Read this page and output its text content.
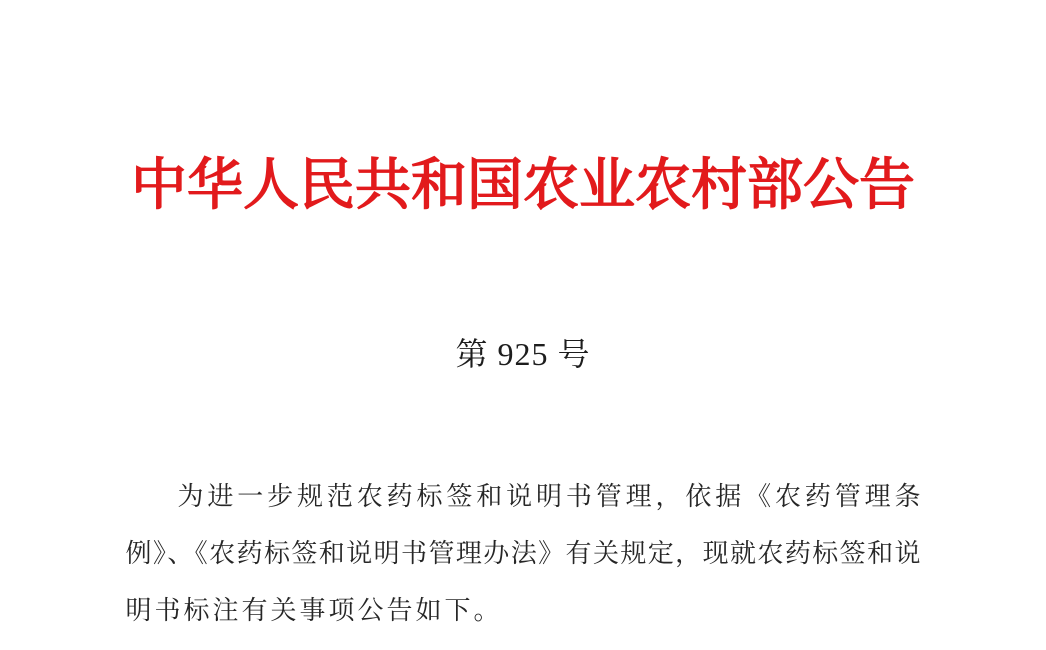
中华人民共和国农业农村部公告
第 925 号
为进一步规范农药标签和说明书管理，依据《农药管理条
例》、《农药标签和说明书管理办法》有关规定，现就农药标签和说
明书标注有关事项公告如下。
